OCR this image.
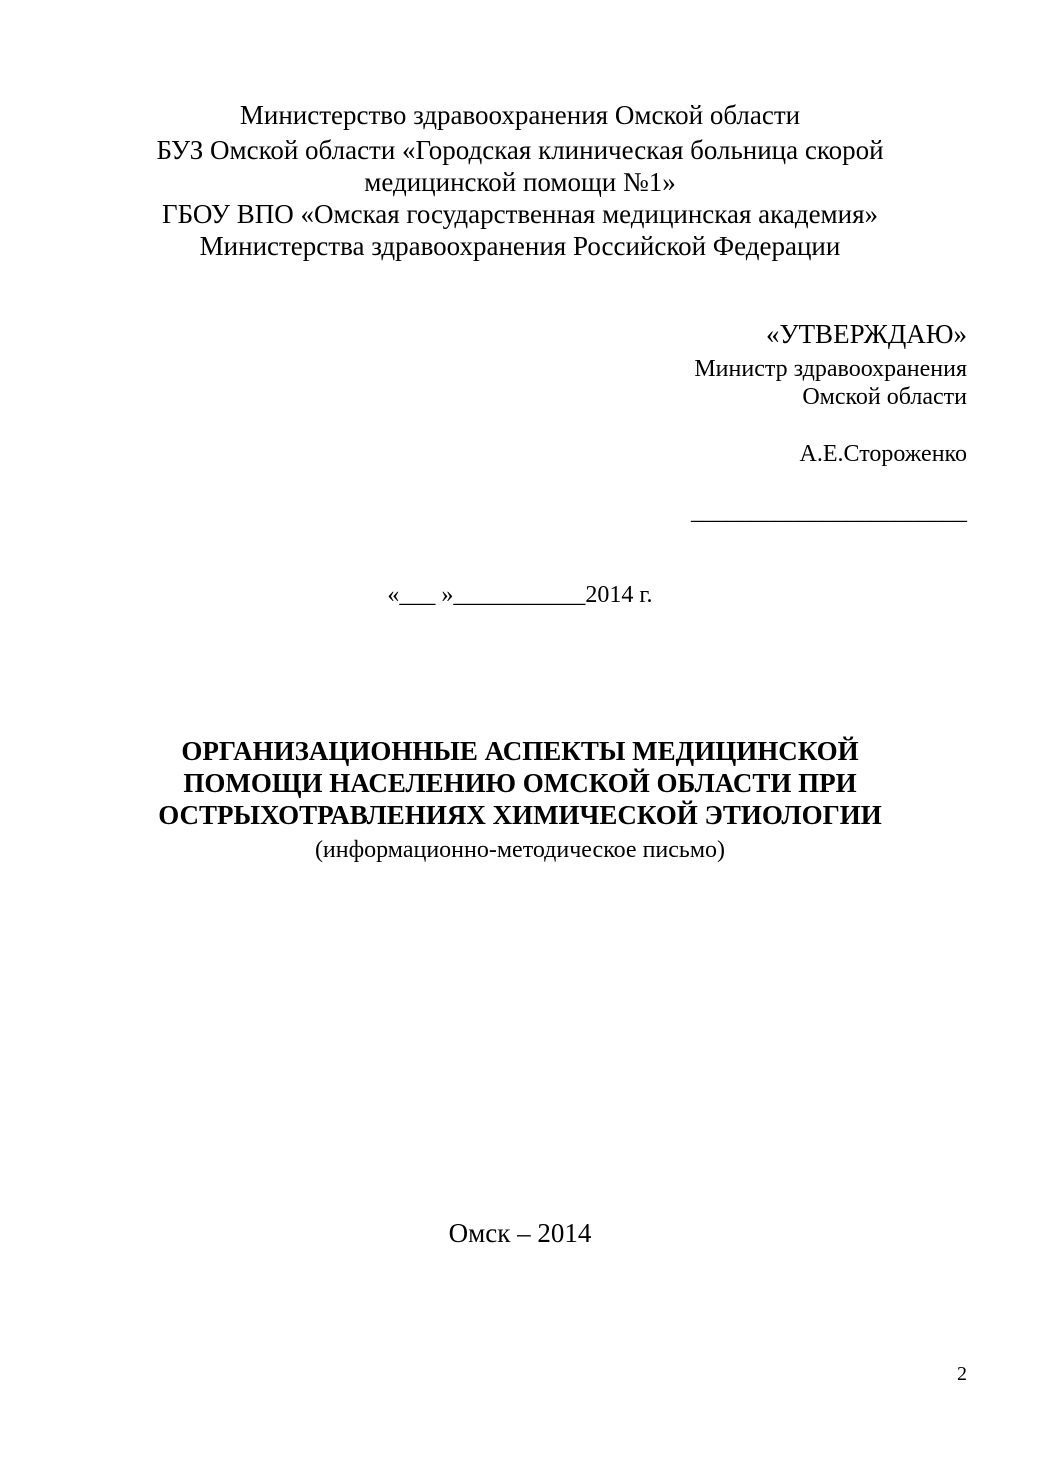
Министерство здравоохранения Омской области
БУЗ Омской области «Городская клиническая больница скорой
медицинской помощи №1»
ГБОУ ВПО «Омская государственная медицинская академия»
Министерства здравоохранения Российской Федерации
«УТВЕРЖДАЮ»
Министр здравоохранения
Омской области
А.Е.Стороженко
_______________________
«___ »___________2014 г.
ОРГАНИЗАЦИОННЫЕ АСПЕКТЫ МЕДИЦИНСКОЙ
ПОМОЩИ НАСЕЛЕНИЮ ОМСКОЙ ОБЛАСТИ ПРИ
ОСТРЫХОТРАВЛЕНИЯХ ХИМИЧЕСКОЙ ЭТИОЛОГИИ
(информационно-методическое письмо)
Омск – 2014
2
